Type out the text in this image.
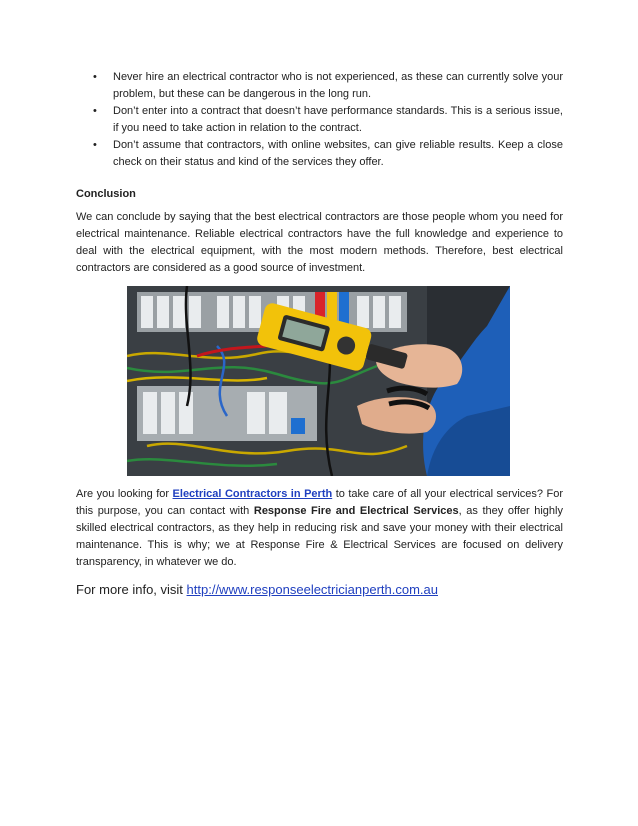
• Never hire an electrical contractor who is not experienced, as these can currently solve your problem, but these can be dangerous in the long run.
• Don’t enter into a contract that doesn’t have performance standards. This is a serious issue, if you need to take action in relation to the contract.
• Don’t assume that contractors, with online websites, can give reliable results. Keep a close check on their status and kind of the services they offer.
Conclusion

We can conclude by saying that the best electrical contractors are those people whom you need for electrical maintenance. Reliable electrical contractors have the full knowledge and experience to deal with the electrical equipment, with the most modern methods. Therefore, best electrical contractors are considered as a good source of investment.

Are you looking for Electrical Contractors in Perth to take care of all your electrical services? For this purpose, you can contact with Response Fire and Electrical Services, as they offer highly skilled electrical contractors, as they help in reducing risk and save your money with their electrical maintenance. This is why; we at Response Fire & Electrical Services are focused on delivery transparency, in whatever we do.

For more info, visit http://www.responseelectricianperth.com.au
